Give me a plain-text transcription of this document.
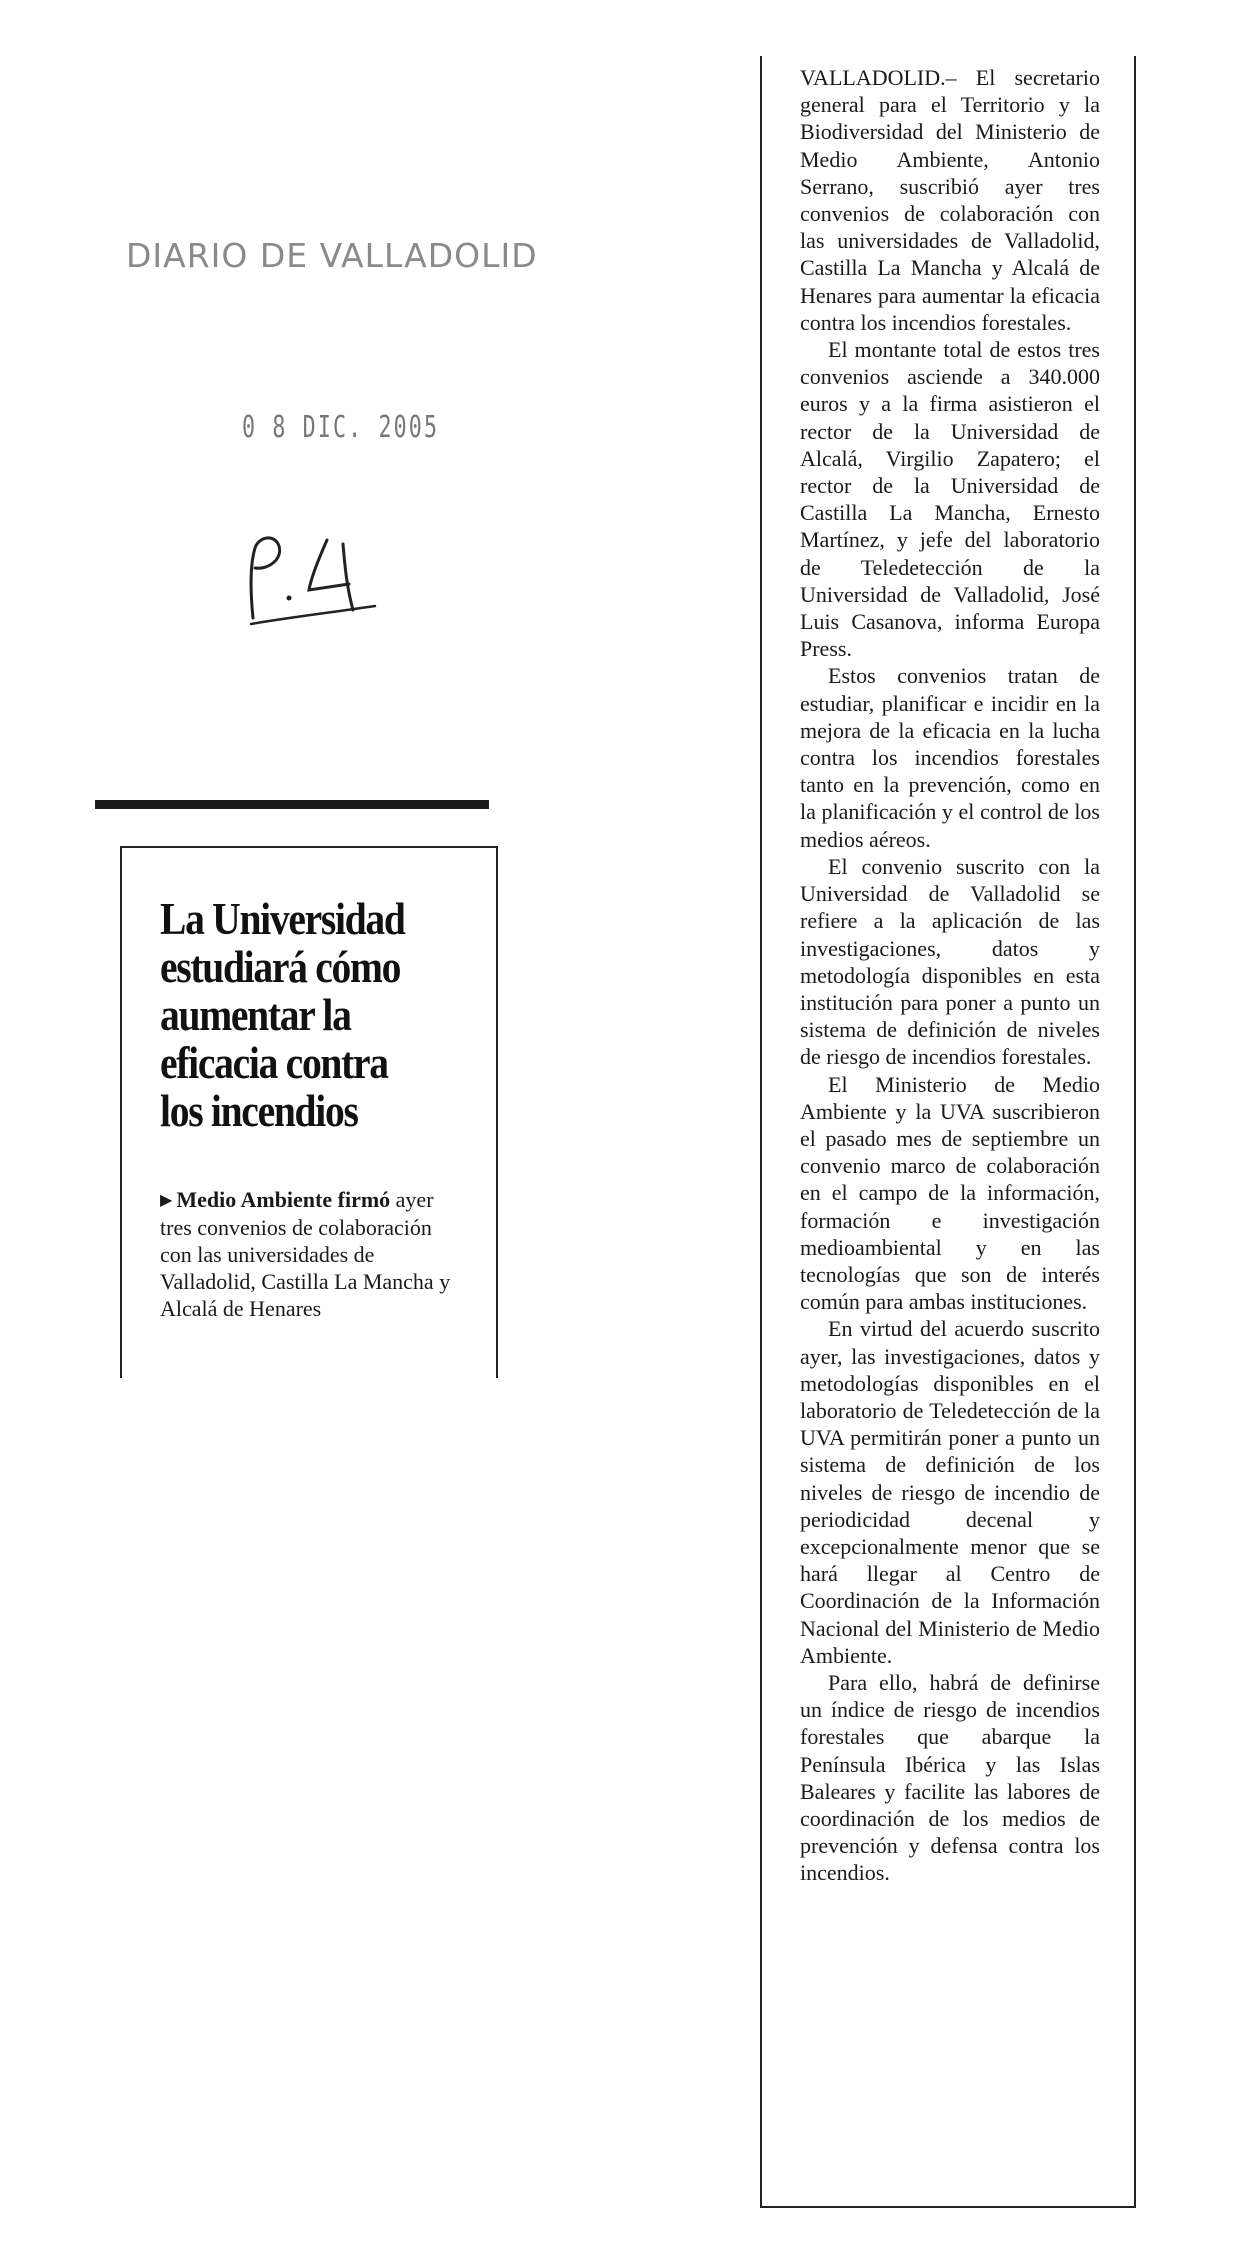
DIARIO DE VALLADOLID
0 8 DIC. 2005
La Universidad
estudiará cómo
aumentar la
eficacia contra
los incendios
▶ Medio Ambiente firmó ayer tres convenios de colaboración con las universidades de Valladolid, Castilla La Mancha y Alcalá de Henares

VALLADOLID.– El secretario general para el Territorio y la Biodiversidad del Ministerio de Medio Ambiente, Antonio Serrano, suscribió ayer tres convenios de colaboración con las universidades de Valladolid, Castilla La Mancha y Alcalá de Henares para aumentar la eficacia contra los incendios forestales.

El montante total de estos tres convenios asciende a 340.000 euros y a la firma asistieron el rector de la Universidad de Alcalá, Virgilio Zapatero; el rector de la Universidad de Castilla La Mancha, Ernesto Martínez, y jefe del laboratorio de Teledetección de la Universidad de Valladolid, José Luis Casanova, informa Europa Press.

Estos convenios tratan de estudiar, planificar e incidir en la mejora de la eficacia en la lucha contra los incendios forestales tanto en la prevención, como en la planificación y el control de los medios aéreos.

El convenio suscrito con la Universidad de Valladolid se refiere a la aplicación de las investigaciones, datos y metodología disponibles en esta institución para poner a punto un sistema de definición de niveles de riesgo de incendios forestales.

El Ministerio de Medio Ambiente y la UVA suscribieron el pasado mes de septiembre un convenio marco de colaboración en el campo de la información, formación e investigación medioambiental y en las tecnologías que son de interés común para ambas instituciones.

En virtud del acuerdo suscrito ayer, las investigaciones, datos y metodologías disponibles en el laboratorio de Teledetección de la UVA permitirán poner a punto un sistema de definición de los niveles de riesgo de incendio de periodicidad decenal y excepcionalmente menor que se hará llegar al Centro de Coordinación de la Información Nacional del Ministerio de Medio Ambiente.

Para ello, habrá de definirse un índice de riesgo de incendios forestales que abarque la Península Ibérica y las Islas Baleares y facilite las labores de coordinación de los medios de prevención y defensa contra los incendios.
